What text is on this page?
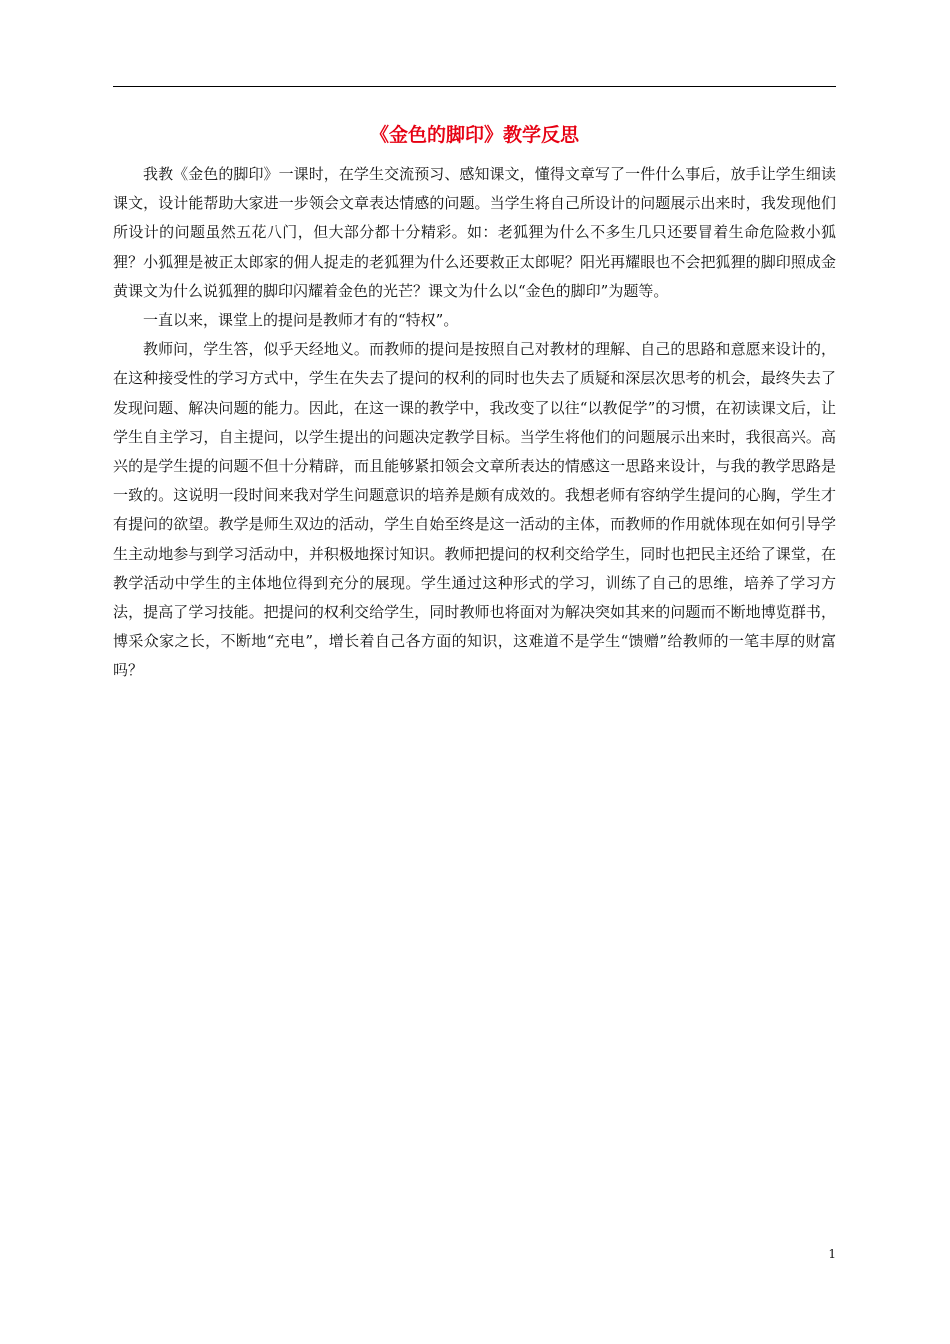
《金色的脚印》教学反思

我教《金色的脚印》一课时，在学生交流预习、感知课文，懂得文章写了一件什么事后，放手让学生细读课文，设计能帮助大家进一步领会文章表达情感的问题。当学生将自己所设计的问题展示出来时，我发现他们所设计的问题虽然五花八门，但大部分都十分精彩。如：老狐狸为什么不多生几只还要冒着生命危险救小狐狸？小狐狸是被正太郎家的佣人捉走的老狐狸为什么还要救正太郎呢？阳光再耀眼也不会把狐狸的脚印照成金黄课文为什么说狐狸的脚印闪耀着金色的光芒？课文为什么以“金色的脚印”为题等。

一直以来，课堂上的提问是教师才有的“特权”。

教师问，学生答，似乎天经地义。而教师的提问是按照自己对教材的理解、自己的思路和意愿来设计的，在这种接受性的学习方式中，学生在失去了提问的权利的同时也失去了质疑和深层次思考的机会，最终失去了发现问题、解决问题的能力。因此，在这一课的教学中，我改变了以往“以教促学”的习惯，在初读课文后，让学生自主学习，自主提问，以学生提出的问题决定教学目标。当学生将他们的问题展示出来时，我很高兴。高兴的是学生提的问题不但十分精辟，而且能够紧扣领会文章所表达的情感这一思路来设计，与我的教学思路是一致的。这说明一段时间来我对学生问题意识的培养是颇有成效的。我想老师有容纳学生提问的心胸，学生才有提问的欲望。教学是师生双边的活动，学生自始至终是这一活动的主体，而教师的作用就体现在如何引导学生主动地参与到学习活动中，并积极地探讨知识。教师把提问的权利交给学生，同时也把民主还给了课堂，在教学活动中学生的主体地位得到充分的展现。学生通过这种形式的学习，训练了自己的思维，培养了学习方法，提高了学习技能。把提问的权利交给学生，同时教师也将面对为解决突如其来的问题而不断地博览群书，博采众家之长，不断地“充电”，增长着自己各方面的知识，这难道不是学生“馈赠”给教师的一笔丰厚的财富吗？

1
